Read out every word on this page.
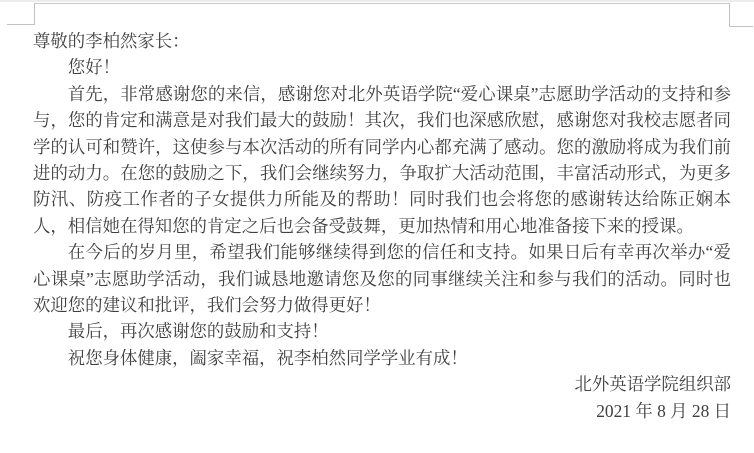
尊敬的李柏然家长：

您好！

首先，非常感谢您的来信，感谢您对北外英语学院“爱心课桌”志愿助学活动的支持和参与，您的肯定和满意是对我们最大的鼓励！其次，我们也深感欣慰，感谢您对我校志愿者同学的认可和赞许，这使参与本次活动的所有同学内心都充满了感动。您的激励将成为我们前进的动力。在您的鼓励之下，我们会继续努力，争取扩大活动范围，丰富活动形式，为更多防汛、防疫工作者的子女提供力所能及的帮助！同时我们也会将您的感谢转达给陈正娴本人，相信她在得知您的肯定之后也会备受鼓舞，更加热情和用心地准备接下来的授课。

在今后的岁月里，希望我们能够继续得到您的信任和支持。如果日后有幸再次举办“爱心课桌”志愿助学活动，我们诚恳地邀请您及您的同事继续关注和参与我们的活动。同时也欢迎您的建议和批评，我们会努力做得更好！

最后，再次感谢您的鼓励和支持！

祝您身体健康，阖家幸福，祝李柏然同学学业有成！

北外英语学院组织部

2021 年 8 月 28 日
